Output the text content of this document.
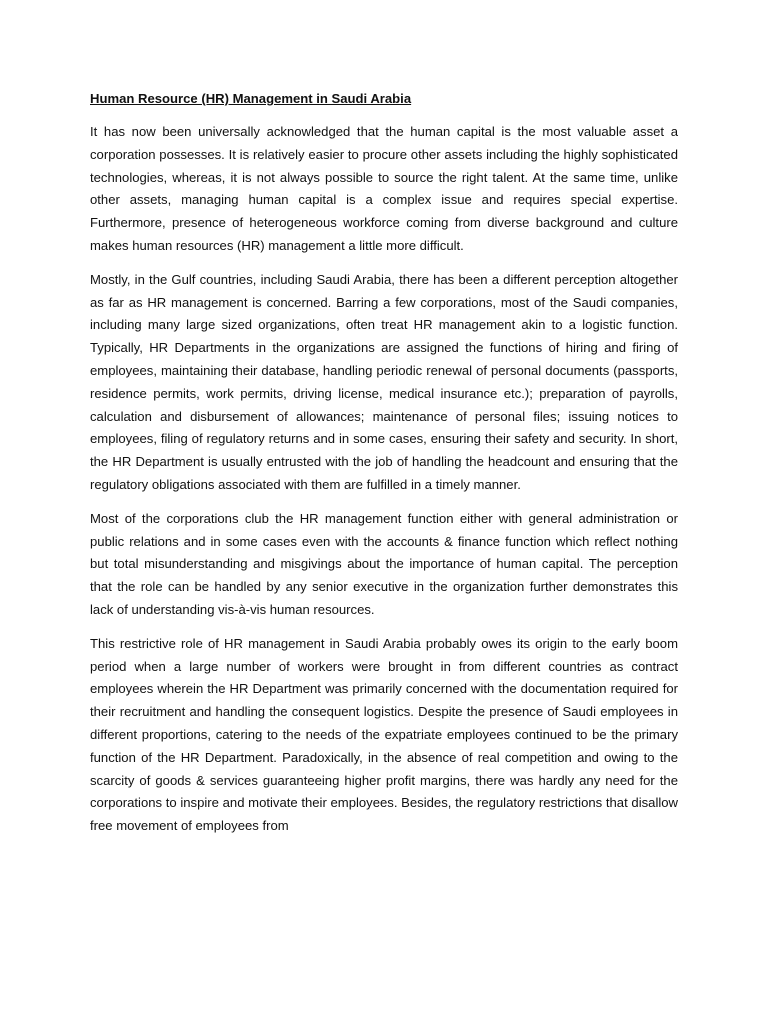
Human Resource (HR) Management in Saudi Arabia

It has now been universally acknowledged that the human capital is the most valuable asset a corporation possesses. It is relatively easier to procure other assets including the highly sophisticated technologies, whereas, it is not always possible to source the right talent. At the same time, unlike other assets, managing human capital is a complex issue and requires special expertise. Furthermore, presence of heterogeneous workforce coming from diverse background and culture makes human resources (HR) management a little more difficult.

Mostly, in the Gulf countries, including Saudi Arabia, there has been a different perception altogether as far as HR management is concerned. Barring a few corporations, most of the Saudi companies, including many large sized organizations, often treat HR management akin to a logistic function. Typically, HR Departments in the organizations are assigned the functions of hiring and firing of employees, maintaining their database, handling periodic renewal of personal documents (passports, residence permits, work permits, driving license, medical insurance etc.); preparation of payrolls, calculation and disbursement of allowances; maintenance of personal files; issuing notices to employees, filing of regulatory returns and in some cases, ensuring their safety and security. In short, the HR Department is usually entrusted with the job of handling the headcount and ensuring that the regulatory obligations associated with them are fulfilled in a timely manner.

Most of the corporations club the HR management function either with general administration or public relations and in some cases even with the accounts & finance function which reflect nothing but total misunderstanding and misgivings about the importance of human capital. The perception that the role can be handled by any senior executive in the organization further demonstrates this lack of understanding vis-à-vis human resources.

This restrictive role of HR management in Saudi Arabia probably owes its origin to the early boom period when a large number of workers were brought in from different countries as contract employees wherein the HR Department was primarily concerned with the documentation required for their recruitment and handling the consequent logistics. Despite the presence of Saudi employees in different proportions, catering to the needs of the expatriate employees continued to be the primary function of the HR Department. Paradoxically, in the absence of real competition and owing to the scarcity of goods & services guaranteeing higher profit margins, there was hardly any need for the corporations to inspire and motivate their employees. Besides, the regulatory restrictions that disallow free movement of employees from
